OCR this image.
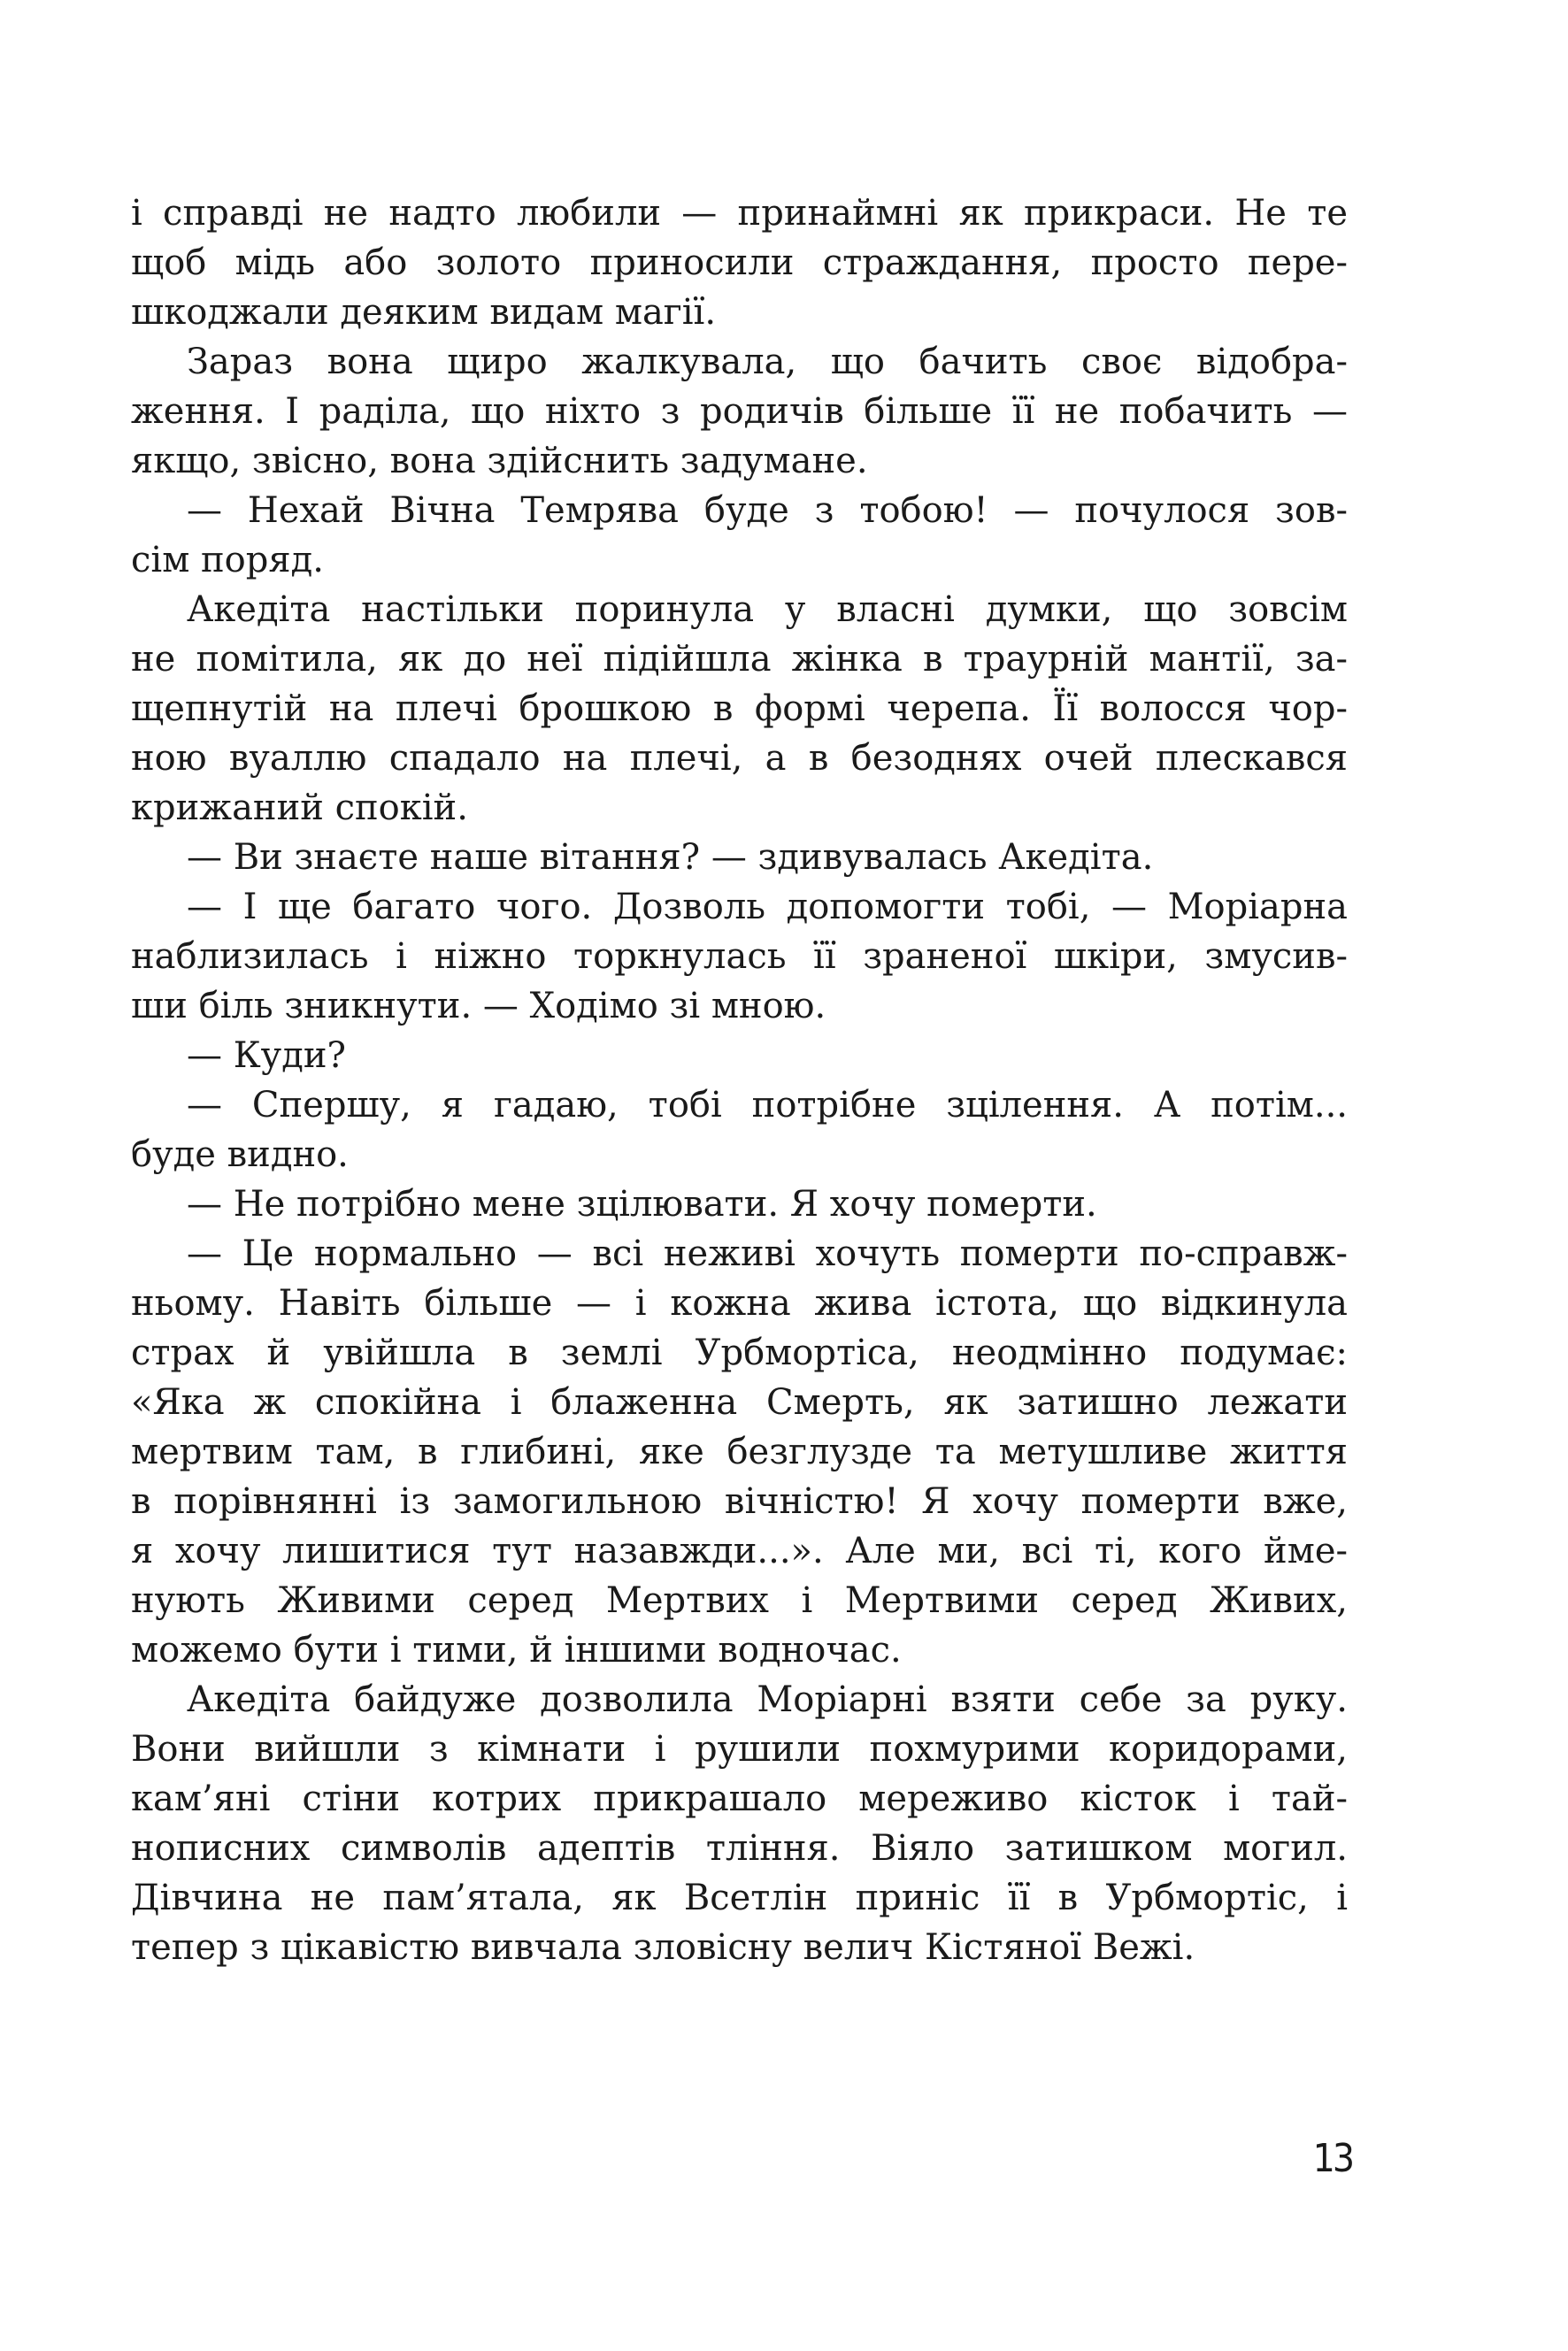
і справді не надто любили — принаймні як прикраси. Не те
щоб мідь або золото приносили страждання, просто пере-
шкоджали деяким видам магії.
Зараз вона щиро жалкувала, що бачить своє відобра-
ження. І раділа, що ніхто з родичів більше її не побачить —
якщо, звісно, вона здійснить задумане.
— Нехай Вічна Темрява буде з тобою! — почулося зов-
сім поряд.
Акедіта настільки поринула у власні думки, що зовсім
не помітила, як до неї підійшла жінка в траурній мантії, за-
щепнутій на плечі брошкою в формі черепа. Її волосся чор-
ною вуаллю спадало на плечі, а в безоднях очей плескався
крижаний спокій.
— Ви знаєте наше вітання? — здивувалась Акедіта.
— І ще багато чого. Дозволь допомогти тобі, — Моріарна
наблизилась і ніжно торкнулась її зраненої шкіри, змусив-
ши біль зникнути. — Ходімо зі мною.
— Куди?
— Спершу, я гадаю, тобі потрібне зцілення. А потім...
буде видно.
— Не потрібно мене зцілювати. Я хочу померти.
— Це нормально — всі неживі хочуть померти по-справж-
ньому. Навіть більше — і кожна жива істота, що відкинула
страх й увійшла в землі Урбмортіса, неодмінно подумає:
«Яка ж спокійна і блаженна Смерть, як затишно лежати
мертвим там, в глибині, яке безглузде та метушливе життя
в порівнянні із замогильною вічністю! Я хочу померти вже,
я хочу лишитися тут назавжди...». Але ми, всі ті, кого йме-
нують Живими серед Мертвих і Мертвими серед Живих,
можемо бути і тими, й іншими водночас.
Акедіта байдуже дозволила Моріарні взяти себе за руку.
Вони вийшли з кімнати і рушили похмурими коридорами,
кам’яні стіни котрих прикрашало мереживо кісток і тай-
нописних символів адептів тління. Віяло затишком могил.
Дівчина не пам’ятала, як Всетлін приніс її в Урбмортіс, і
тепер з цікавістю вивчала зловісну велич Кістяної Вежі.
13
